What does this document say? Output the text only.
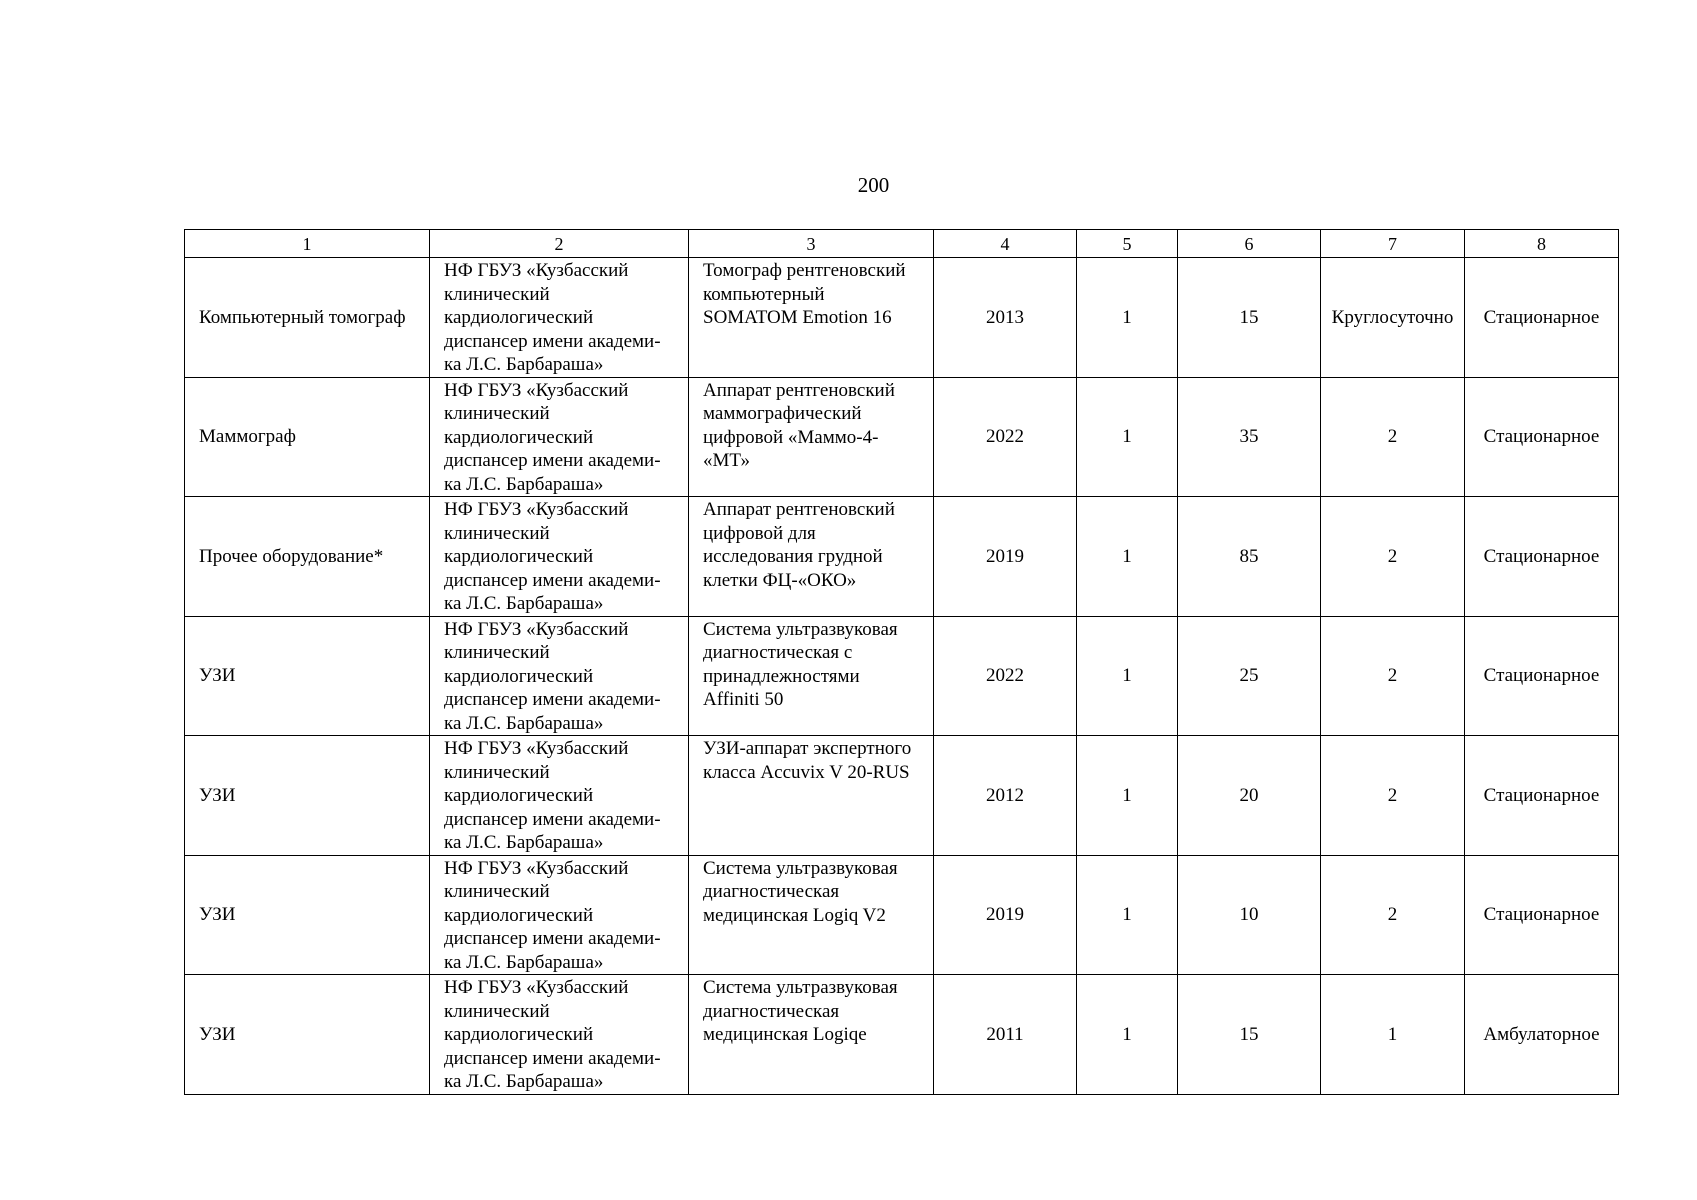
200
1	2	3	4	5	6	7	8
Компьютерный томограф	НФ ГБУЗ «Кузбасский
клинический
кардиологический
диспансер имени академи-
ка Л.С. Барбараша»	Томограф рентгеновский
компьютерный
SOMATOM Emotion 16	2013	1	15	Круглосуточно	Стационарное
Маммограф	НФ ГБУЗ «Кузбасский
клинический
кардиологический
диспансер имени академи-
ка Л.С. Барбараша»	Аппарат рентгеновский
маммографический
цифровой «Маммо-4-
«МТ»	2022	1	35	2	Стационарное
Прочее оборудование*	НФ ГБУЗ «Кузбасский
клинический
кардиологический
диспансер имени академи-
ка Л.С. Барбараша»	Аппарат рентгеновский
цифровой для
исследования грудной
клетки ФЦ-«ОКО»	2019	1	85	2	Стационарное
УЗИ	НФ ГБУЗ «Кузбасский
клинический
кардиологический
диспансер имени академи-
ка Л.С. Барбараша»	Система ультразвуковая
диагностическая с
принадлежностями
Affiniti 50	2022	1	25	2	Стационарное
УЗИ	НФ ГБУЗ «Кузбасский
клинический
кардиологический
диспансер имени академи-
ка Л.С. Барбараша»	УЗИ-аппарат экспертного
класса Accuvix V 20-RUS	2012	1	20	2	Стационарное
УЗИ	НФ ГБУЗ «Кузбасский
клинический
кардиологический
диспансер имени академи-
ка Л.С. Барбараша»	Система ультразвуковая
диагностическая
медицинская Logiq V2	2019	1	10	2	Стационарное
УЗИ	НФ ГБУЗ «Кузбасский
клинический
кардиологический
диспансер имени академи-
ка Л.С. Барбараша»	Система ультразвуковая
диагностическая
медицинская Logiqe	2011	1	15	1	Амбулаторное
